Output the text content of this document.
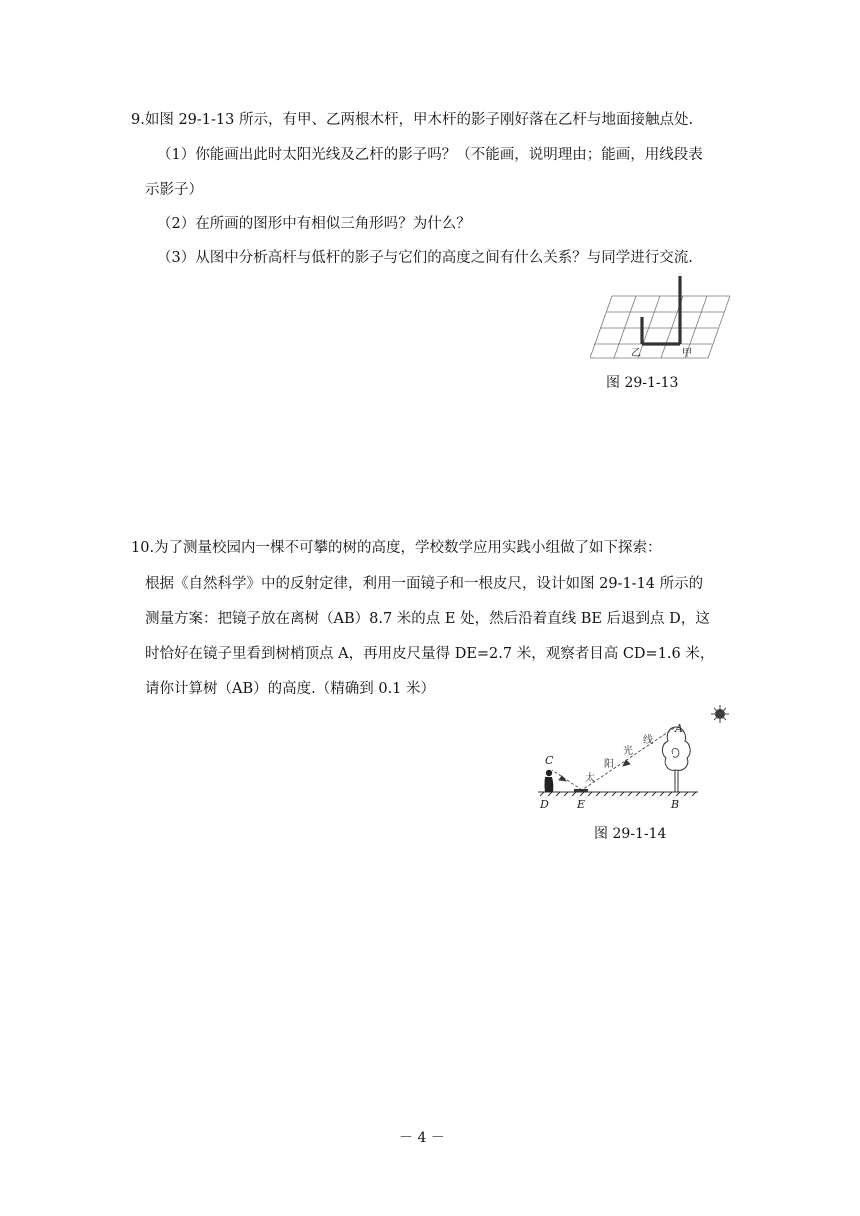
9.如图 29-1-13 所示，有甲、乙两根木杆，甲木杆的影子刚好落在乙杆与地面接触点处.
（1）你能画出此时太阳光线及乙杆的影子吗？（不能画，说明理由；能画，用线段表
示影子）
（2）在所画的图形中有相似三角形吗？为什么？
（3）从图中分析高杆与低杆的影子与它们的高度之间有什么关系？与同学进行交流.
乙	甲
图 29-1-13
10.为了测量校园内一棵不可攀的树的高度，学校数学应用实践小组做了如下探索：
根据《自然科学》中的反射定律，利用一面镜子和一根皮尺，设计如图 29-1-14 所示的
测量方案：把镜子放在离树（AB）8.7 米的点 E 处，然后沿着直线 BE 后退到点 D，这
时恰好在镜子里看到树梢顶点 A，再用皮尺量得 DE=2.7 米，观察者目高 CD=1.6 米，
请你计算树（AB）的高度.（精确到 0.1 米）
太
阳
光
线
C
D	E	B
A
图 29-1-14
－ 4 －
